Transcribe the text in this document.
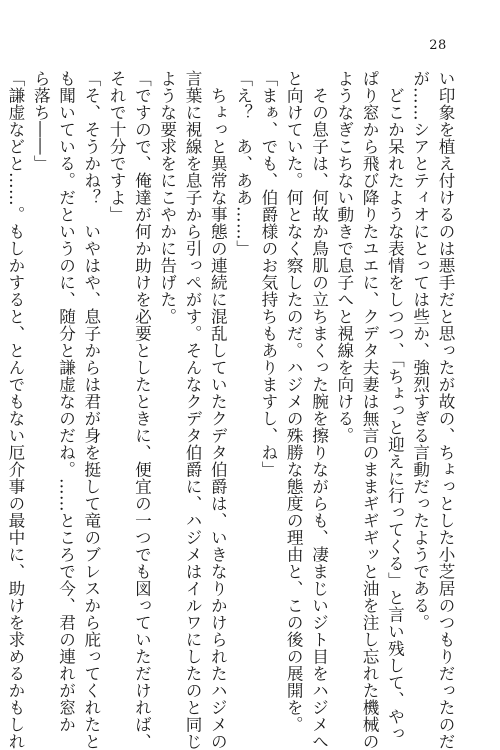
28

い印象を植え付けるのは悪手だと思ったが故の、ちょっとした小芝居のつもりだったのだ

が……シアとティオにとっては些か、強烈すぎる言動だったようである。

　どこか呆れたような表情をしつつ、「ちょっと迎えに行ってくる」と言い残して、やっ

ぱり窓から飛び降りたユエに、クデタ夫妻は無言のままギギギッと油を注し忘れた機械の

ようなぎこちない動きで息子へと視線を向ける。

　その息子は、何故か鳥肌の立ちまくった腕を擦りながらも、凄まじいジト目をハジメへ

と向けていた。何となく察したのだ。ハジメの殊勝な態度の理由と、この後の展開を。

「まぁ、でも、伯爵様のお気持ちもありますし、ね」

「え？　あ、ああ……」

　ちょっと異常な事態の連続に混乱していたクデタ伯爵は、いきなりかけられたハジメの

言葉に視線を息子から引っぺがす。そんなクデタ伯爵に、ハジメはイルワにしたのと同じ

ような要求をにこやかに告げた。

「ですので、俺達が何か助けを必要としたときに、便宜の一つでも図っていただければ、

それで十分ですよ」

「そ、そうかね？　いやはや、息子からは君が身を挺して竜のブレスから庇ってくれたと

も聞いている。だというのに、随分と謙虚なのだね。……ところで今、君の連れが窓か

ら落ち――」

「謙虚などと……。もしかすると、とんでもない厄介事の最中に、助けを求めるかもしれ
